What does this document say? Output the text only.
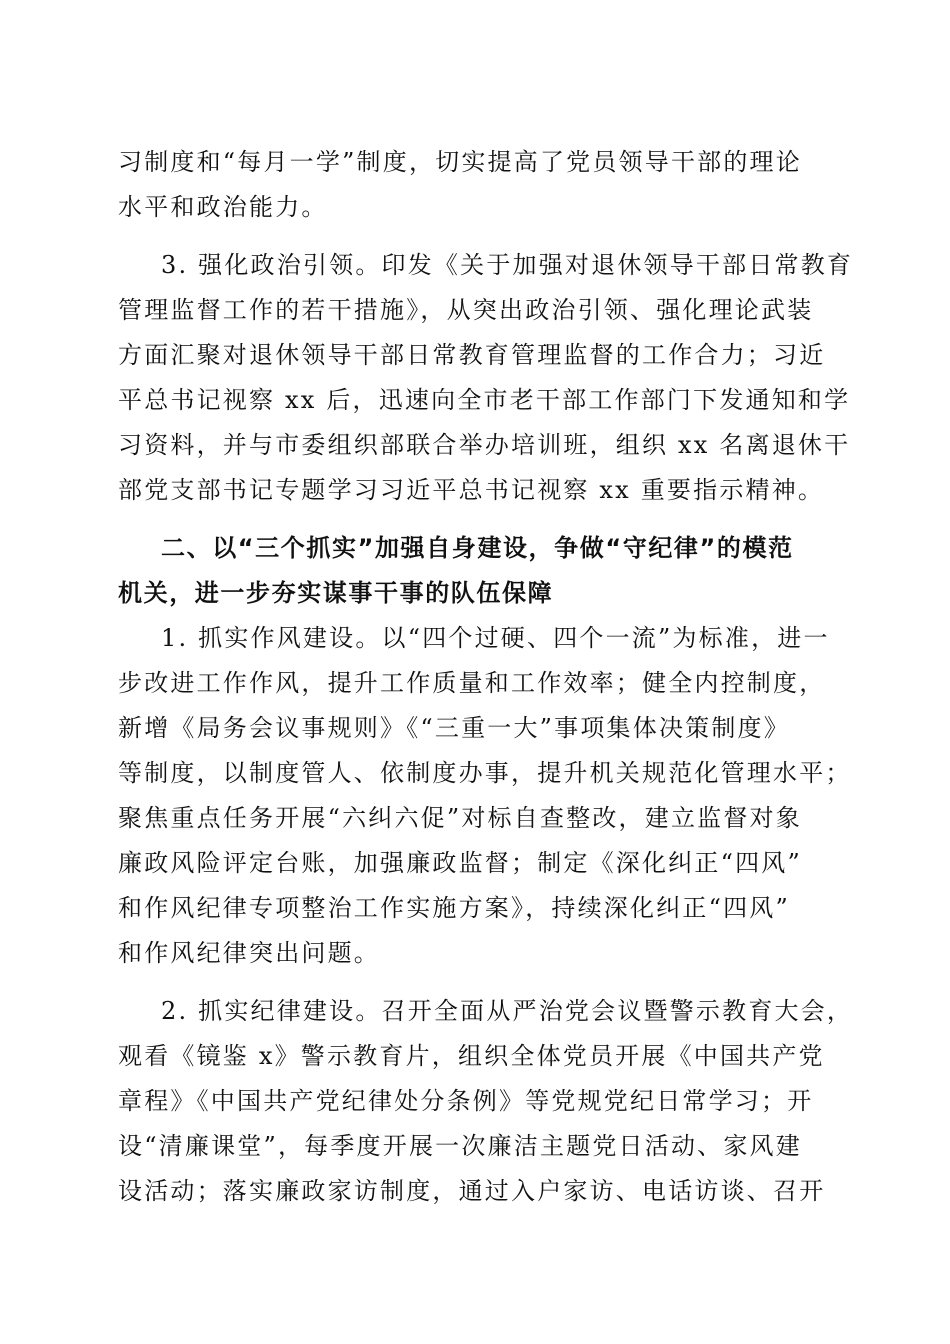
习制度和“每月一学”制度，切实提高了党员领导干部的理论
水平和政治能力。
3. 强化政治引领。印发《关于加强对退休领导干部日常教育
管理监督工作的若干措施》，从突出政治引领、强化理论武装
方面汇聚对退休领导干部日常教育管理监督的工作合力；习近
平总书记视察 xx 后，迅速向全市老干部工作部门下发通知和学
习资料，并与市委组织部联合举办培训班，组织 xx 名离退休干
部党支部书记专题学习习近平总书记视察 xx 重要指示精神。
二、以“三个抓实”加强自身建设，争做“守纪律”的模范
机关，进一步夯实谋事干事的队伍保障
1. 抓实作风建设。以“四个过硬、四个一流”为标准，进一
步改进工作作风，提升工作质量和工作效率；健全内控制度，
新增《局务会议事规则》《“三重一大”事项集体决策制度》
等制度，以制度管人、依制度办事，提升机关规范化管理水平；
聚焦重点任务开展“六纠六促”对标自查整改，建立监督对象
廉政风险评定台账，加强廉政监督；制定《深化纠正“四风”
和作风纪律专项整治工作实施方案》，持续深化纠正“四风”
和作风纪律突出问题。
2. 抓实纪律建设。召开全面从严治党会议暨警示教育大会，
观看《镜鉴 x》警示教育片，组织全体党员开展《中国共产党
章程》《中国共产党纪律处分条例》等党规党纪日常学习；开
设“清廉课堂”，每季度开展一次廉洁主题党日活动、家风建
设活动；落实廉政家访制度，通过入户家访、电话访谈、召开
